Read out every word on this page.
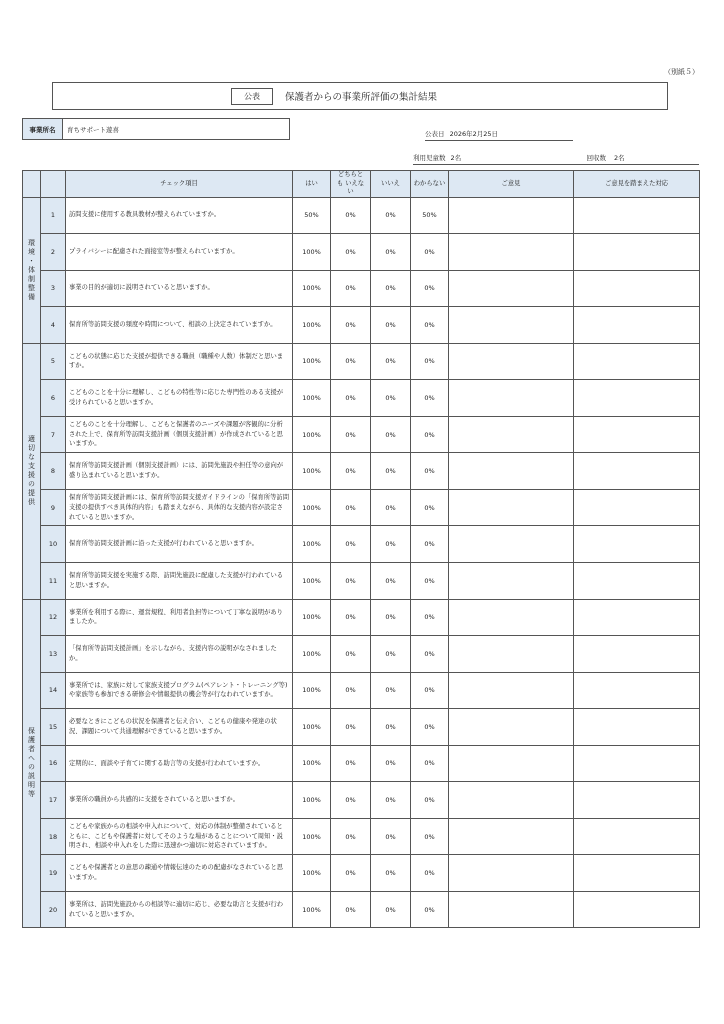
（別紙５）
公表	保護者からの事業所評価の集計結果
事業所名	育ちサポート遊喜
公表日 2026年2月25日
利用児童数 2名	回収数 2名
		チェック項目	はい	どちらとも いえない	いいえ	わからない	ご意見	ご意見を踏まえた対応
環境・体制整備	1	訪問支援に使用する教具教材が整えられていますか。	50%	0%	0%	50%		
	2	プライバシーに配慮された面接室等が整えられていますか。	100%	0%	0%	0%		
	3	事業の目的が適切に説明されていると思いますか。	100%	0%	0%	0%		
	4	保育所等訪問支援の頻度や時間について、相談の上決定されていますか。	100%	0%	0%	0%		
適切な支援の提供	5	こどもの状態に応じた支援が提供できる職員（職種や人数）体制だと思いますか。	100%	0%	0%	0%		
	6	こどものことを十分に理解し、こどもの特性等に応じた専門性のある支援が受けられていると思いますか。	100%	0%	0%	0%		
	7	こどものことを十分理解し、こどもと保護者のニーズや課題が客観的に分析された上で、保育所等訪問支援計画（個別支援計画）が作成されていると思いますか。	100%	0%	0%	0%		
	8	保育所等訪問支援計画（個別支援計画）には、訪問先施設や担任等の意向が盛り込まれていると思いますか。	100%	0%	0%	0%		
	9	保育所等訪問支援計画には、保育所等訪問支援ガイドラインの「保育所等訪問支援の提供すべき具体的内容」も踏まえながら、具体的な支援内容が設定されていると思いますか。	100%	0%	0%	0%		
	10	保育所等訪問支援計画に沿った支援が行われていると思いますか。	100%	0%	0%	0%		
	11	保育所等訪問支援を実施する際、訪問先施設に配慮した支援が行われていると思いますか。	100%	0%	0%	0%		
保護者への説明等	12	事業所を利用する際に、運営規程、利用者負担等について丁寧な説明がありましたか。	100%	0%	0%	0%		
	13	「保育所等訪問支援計画」を示しながら、支援内容の説明がなされましたか。	100%	0%	0%	0%		
	14	事業所では、家族に対して家族支援プログラム(ペアレント・トレーニング等)や家族等も参加できる研修会や情報提供の機会等が行なわれていますか。	100%	0%	0%	0%		
	15	必要なときにこどもの状況を保護者と伝え合い、こどもの健康や発達の状況、課題について共通理解ができていると思いますか。	100%	0%	0%	0%		
	16	定期的に、面談や子育てに関する助言等の支援が行われていますか。	100%	0%	0%	0%		
	17	事業所の職員から共感的に支援をされていると思いますか。	100%	0%	0%	0%		
	18	こどもや家族からの相談や申入れについて、対応の体制が整備されているとともに、こどもや保護者に対してそのような場があることについて周知・説明され、相談や申入れをした際に迅速かつ適切に対応されていますか。	100%	0%	0%	0%		
	19	こどもや保護者との意思の疎通や情報伝達のための配慮がなされていると思いますか。	100%	0%	0%	0%		
	20	事業所は、訪問先施設からの相談等に適切に応じ、必要な助言と支援が行われていると思いますか。	100%	0%	0%	0%		
